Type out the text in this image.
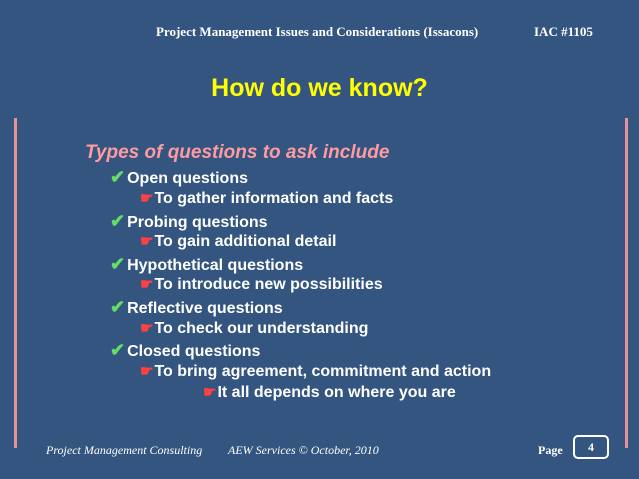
Project Management Issues and Considerations (Issacons)	IAC #1105
How do we know?
Types of questions to ask include
✔ Open questions
☛To gather information and facts
✔ Probing questions
☛To gain additional detail
✔ Hypothetical questions
☛To introduce new possibilities
✔ Reflective questions
☛To check our understanding
✔ Closed questions
☛To bring agreement, commitment and action
☛It all depends on where you are
Project Management Consulting AEW Services © October, 2010	Page 4
